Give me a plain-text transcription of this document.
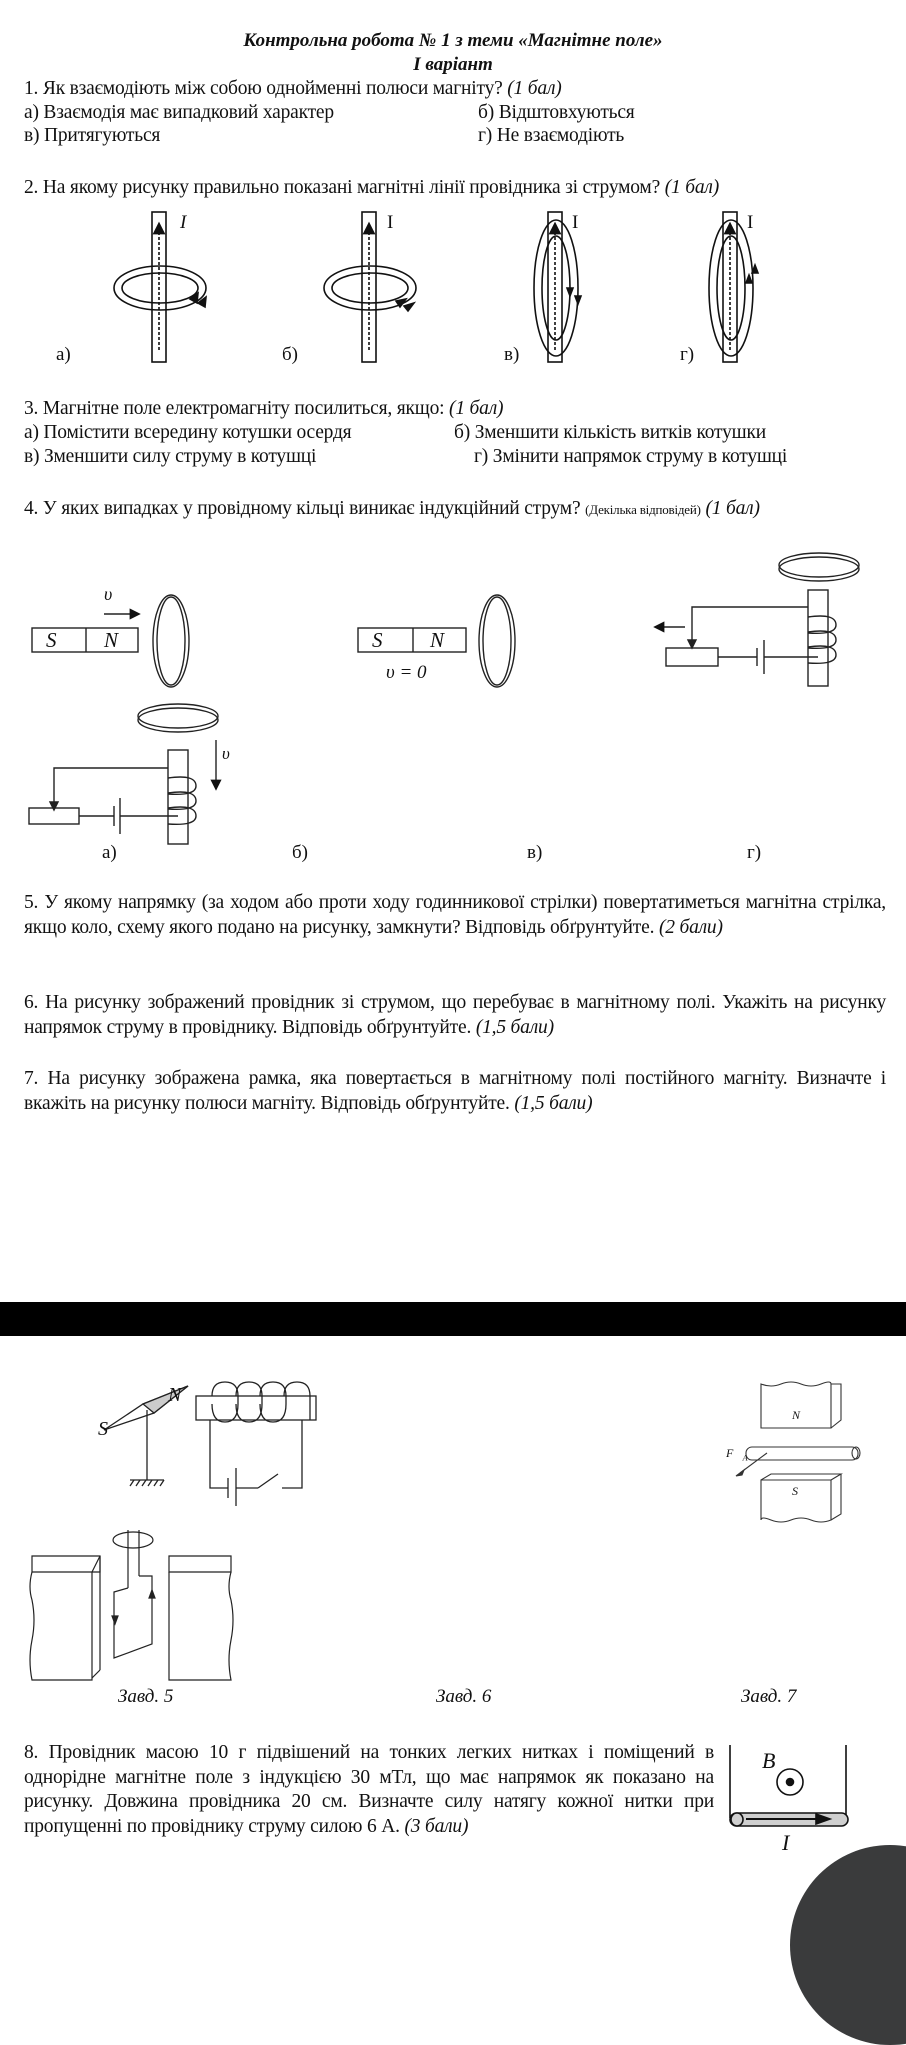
Контрольна робота № 1 з теми «Магнітне поле»
І варіант
1. Як взаємодіють між собою однойменні полюси магніту? (1 бал)
а) Взаємодія має випадковий характер	б) Відштовхуються
в) Притягуються	г) Не взаємодіють
2. На якому рисунку правильно показані магнітні лінії провідника зі струмом? (1 бал)
I	I	I	I
а)	б)	в)	г)
3. Магнітне поле електромагніту посилиться, якщо: (1 бал)
а) Помістити всередину котушки осердя	б) Зменшити кількість витків котушки
в) Зменшити силу струму в котушці	г) Змінити напрямок струму в котушці
4. У яких випадках у провідному кільці виникає індукційний струм? (Декілька відповідей) (1 бал)
υ⃗
S N	S N
υ = 0
υ⃗
а)	б)	в)	г)
5. У якому напрямку (за ходом або проти ходу годинникової стрілки) повертатиметься магнітна стрілка, якщо коло, схему якого подано на рисунку, замкнути? Відповідь обґрунтуйте. (2 бали)
6. На рисунку зображений провідник зі струмом, що перебуває в магнітному полі. Укажіть на рисунку напрямок струму в провіднику. Відповідь обґрунтуйте. (1,5 бали)
7. На рисунку зображена рамка, яка повертається в магнітному полі постійного магніту. Визначте і вкажіть на рисунку полюси магніту. Відповідь обґрунтуйте. (1,5 бали)
N
S
N
S
$F⃗_A$
Завд. 5	Завд. 6	Завд. 7
8. Провідник масою 10 г підвішений на тонких легких нитках і поміщений в однорідне магнітне поле з індукцією 30 мТл, що має напрямок як показано на рисунку. Довжина провідника 20 см. Визначте силу натягу кожної нитки при пропущенні по провіднику струму силою 6 А. (3 бали)
B
I
